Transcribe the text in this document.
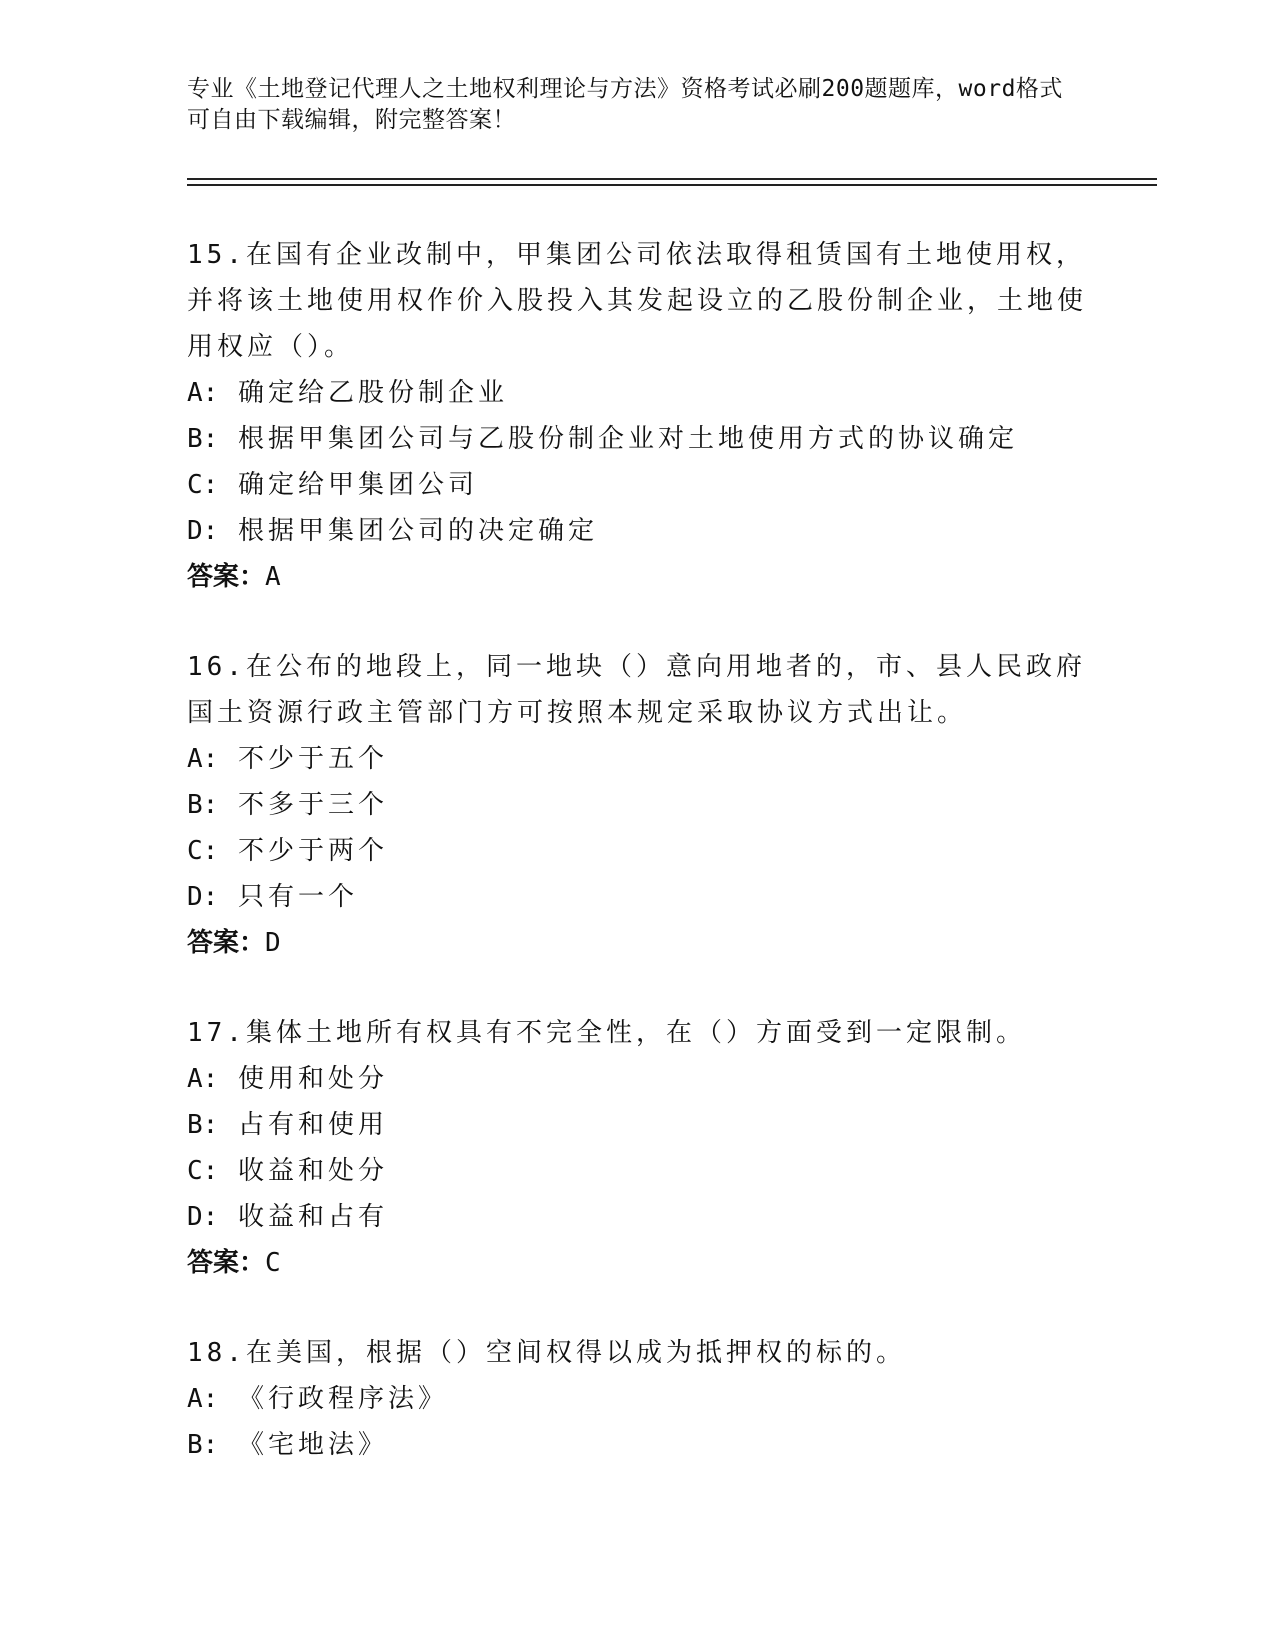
专业《土地登记代理人之土地权利理论与方法》资格考试必刷200题题库，word格式可自由下载编辑，附完整答案！

15.在国有企业改制中，甲集团公司依法取得租赁国有土地使用权，并将该土地使用权作价入股投入其发起设立的乙股份制企业，土地使用权应（）。

A: 确定给乙股份制企业

B: 根据甲集团公司与乙股份制企业对土地使用方式的协议确定

C: 确定给甲集团公司

D: 根据甲集团公司的决定确定

答案：A

16.在公布的地段上，同一地块（）意向用地者的，市、县人民政府国土资源行政主管部门方可按照本规定采取协议方式出让。

A: 不少于五个

B: 不多于三个

C: 不少于两个

D: 只有一个

答案：D

17.集体土地所有权具有不完全性，在（）方面受到一定限制。

A: 使用和处分

B: 占有和使用

C: 收益和处分

D: 收益和占有

答案：C

18.在美国，根据（）空间权得以成为抵押权的标的。

A: 《行政程序法》

B: 《宅地法》
